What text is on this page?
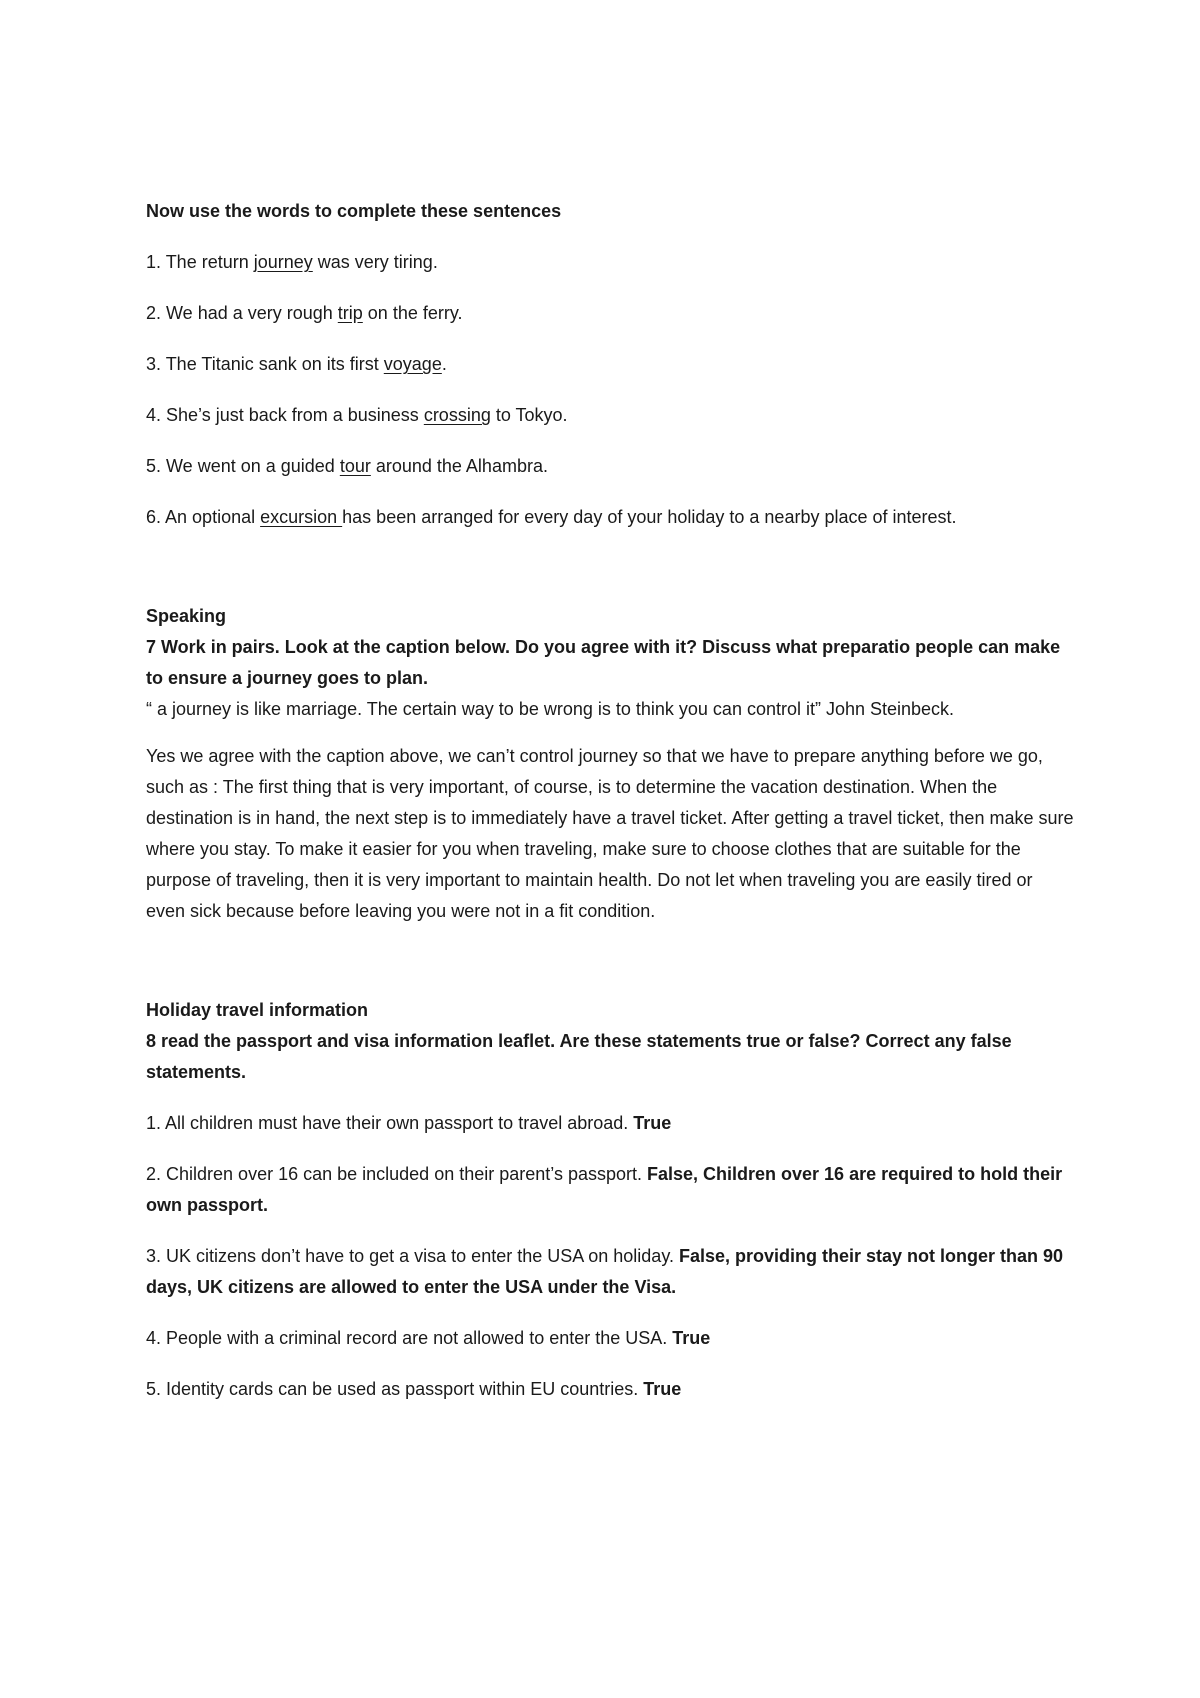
Now use the words to complete these sentences

1. The return journey was very tiring.

2. We had a very rough trip on the ferry.

3. The Titanic sank on its first voyage.

4. She’s just back from a business crossing to Tokyo.

5. We went on a guided tour around the Alhambra.

6. An optional excursion has been arranged for every day of your holiday to a nearby place of interest.

Speaking

7 Work in pairs. Look at the caption below. Do you agree with it? Discuss what preparatio people can make to ensure a journey goes to plan.

“ a journey is like marriage. The certain way to be wrong is to think you can control it” John Steinbeck.

Yes we agree with the caption above, we can’t control journey so that we have to prepare anything before we go, such as : The first thing that is very important, of course, is to determine the vacation destination. When the destination is in hand, the next step is to immediately have a travel ticket. After getting a travel ticket, then make sure where you stay. To make it easier for you when traveling, make sure to choose clothes that are suitable for the purpose of traveling, then it is very important to maintain health. Do not let when traveling you are easily tired or even sick because before leaving you were not in a fit condition.

Holiday travel information

8 read the passport and visa information leaflet. Are these statements true or false? Correct any false statements.

1. All children must have their own passport to travel abroad. True

2. Children over 16 can be included on their parent’s passport. False, Children over 16 are required to hold their own passport.

3. UK citizens don’t have to get a visa to enter the USA on holiday. False, providing their stay not longer than 90 days, UK citizens are allowed to enter the USA under the Visa.

4. People with a criminal record are not allowed to enter the USA. True

5. Identity cards can be used as passport within EU countries. True
